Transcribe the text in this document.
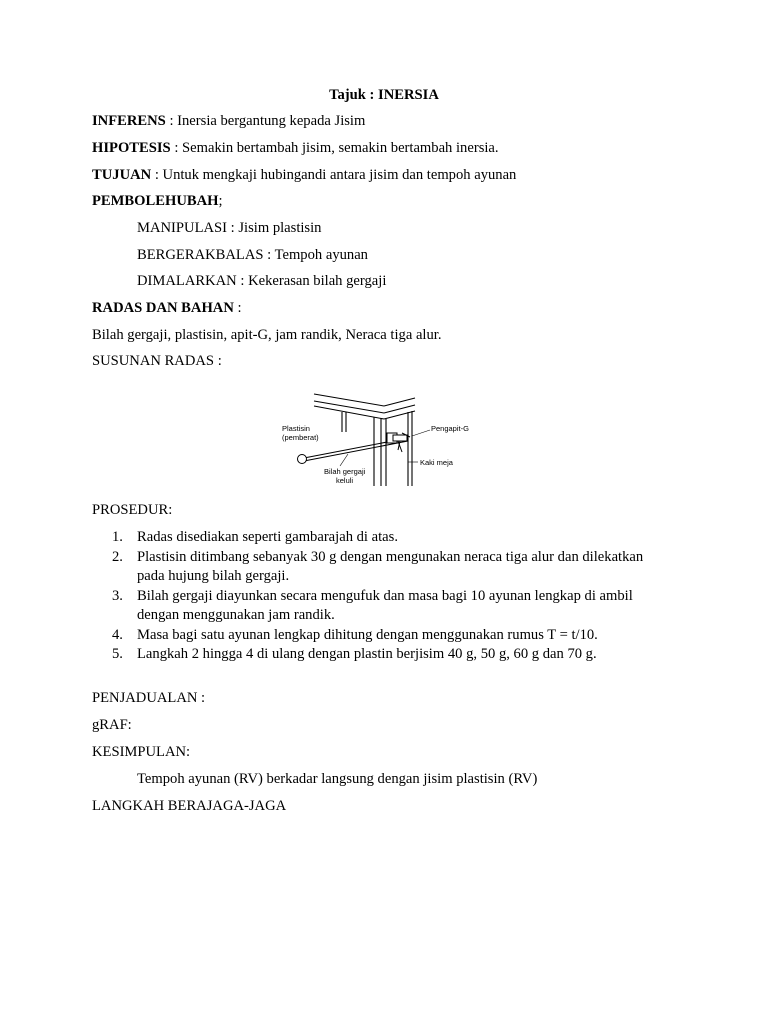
Tajuk : INERSIA
INFERENS : Inersia bergantung kepada Jisim
HIPOTESIS : Semakin bertambah jisim, semakin bertambah inersia.
TUJUAN : Untuk mengkaji hubingandi antara jisim dan tempoh ayunan
PEMBOLEHUBAH;
MANIPULASI : Jisim plastisin
BERGERAKBALAS : Tempoh ayunan
DIMALARKAN : Kekerasan bilah gergaji
RADAS DAN BAHAN :
Bilah gergaji, plastisin, apit-G, jam randik, Neraca tiga alur.
SUSUNAN RADAS :
Plastisin
(pemberat)
Pengapit-G
Kaki meja
Bilah gergaji
keluli
PROSEDUR:
1. Radas disediakan seperti gambarajah di atas.
2. Plastisin ditimbang sebanyak 30 g dengan mengunakan neraca tiga alur dan dilekatkan
pada hujung bilah gergaji.
3. Bilah gergaji diayunkan secara mengufuk dan masa bagi 10 ayunan lengkap di ambil
dengan menggunakan jam randik.
4. Masa bagi satu ayunan lengkap dihitung dengan menggunakan rumus T = t/10.
5. Langkah 2 hingga 4 di ulang dengan plastin berjisim 40 g, 50 g, 60 g dan 70 g.
PENJADUALAN :
gRAF:
KESIMPULAN:
Tempoh ayunan (RV) berkadar langsung dengan jisim plastisin (RV)
LANGKAH BERAJAGA-JAGA
